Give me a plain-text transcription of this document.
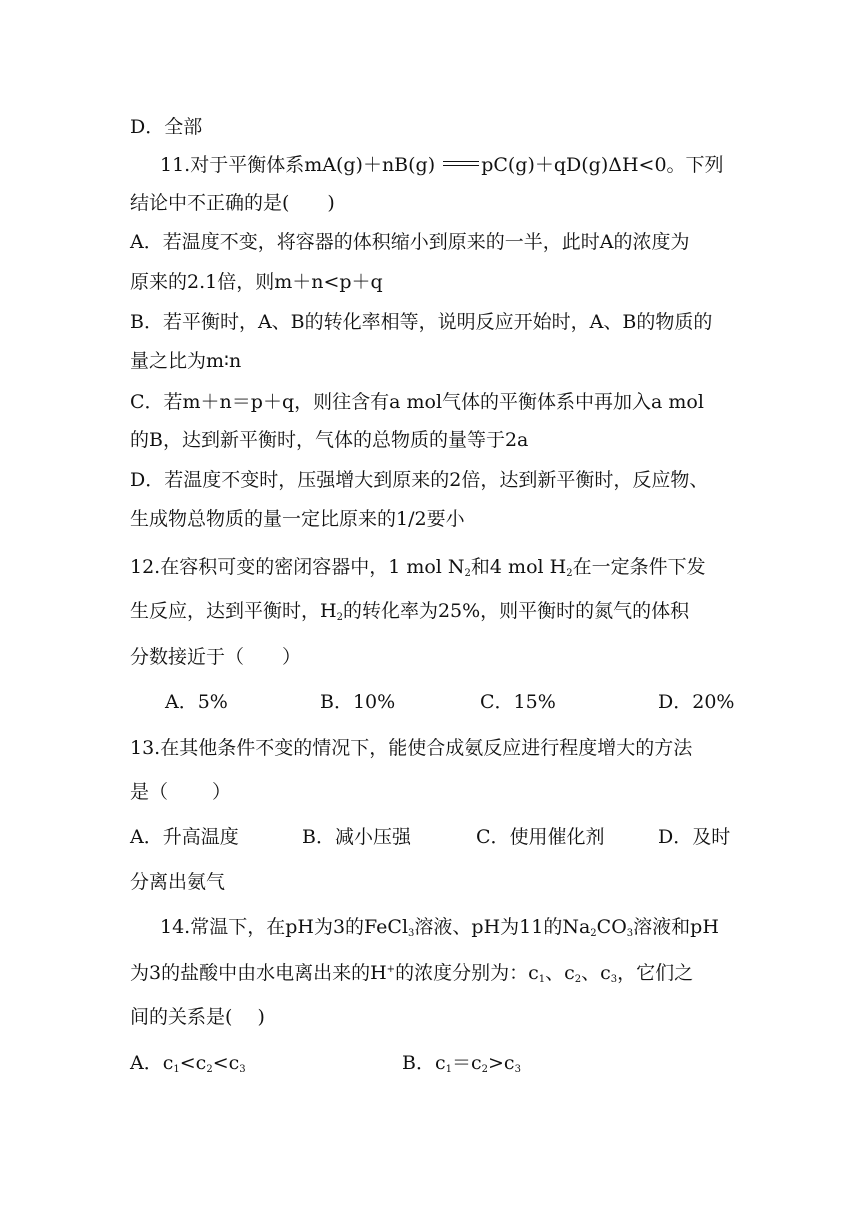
D．全部
11.对于平衡体系mA(g)＋nB(g) pC(g)＋qD(g)ΔH<0。下列
结论中不正确的是(　　)
A．若温度不变，将容器的体积缩小到原来的一半，此时A的浓度为
原来的2.1倍，则m＋n<p＋q
B．若平衡时，A、B的转化率相等，说明反应开始时，A、B的物质的
量之比为m∶n
C．若m＋n＝p＋q，则往含有a mol气体的平衡体系中再加入a mol
的B，达到新平衡时，气体的总物质的量等于2a
D．若温度不变时，压强增大到原来的2倍，达到新平衡时，反应物、
生成物总物质的量一定比原来的1/2要小
12.在容积可变的密闭容器中，1 mol $N_2$和4 mol $H_2$在一定条件下发
生反应，达到平衡时，$H_2$的转化率为25%，则平衡时的氮气的体积
分数接近于（　　）
A．5%	B．10%	C．15%	D．20%
13.在其他条件不变的情况下，能使合成氨反应进行程度增大的方法
是（　　 ）
A．升高温度	B．减小压强	C．使用催化剂	D．及时
分离出氨气
14.常温下，在pH为3的FeCl$_3$溶液、pH为11的$Na_2CO_3$溶液和pH
为3的盐酸中由水电离出来的H+的浓度分别为：$c_1$、$c_2$、$c_3$，它们之
间的关系是(　 )
A．$c_1<c_2<c_3$	B．$c_1=c_2>c_3$
